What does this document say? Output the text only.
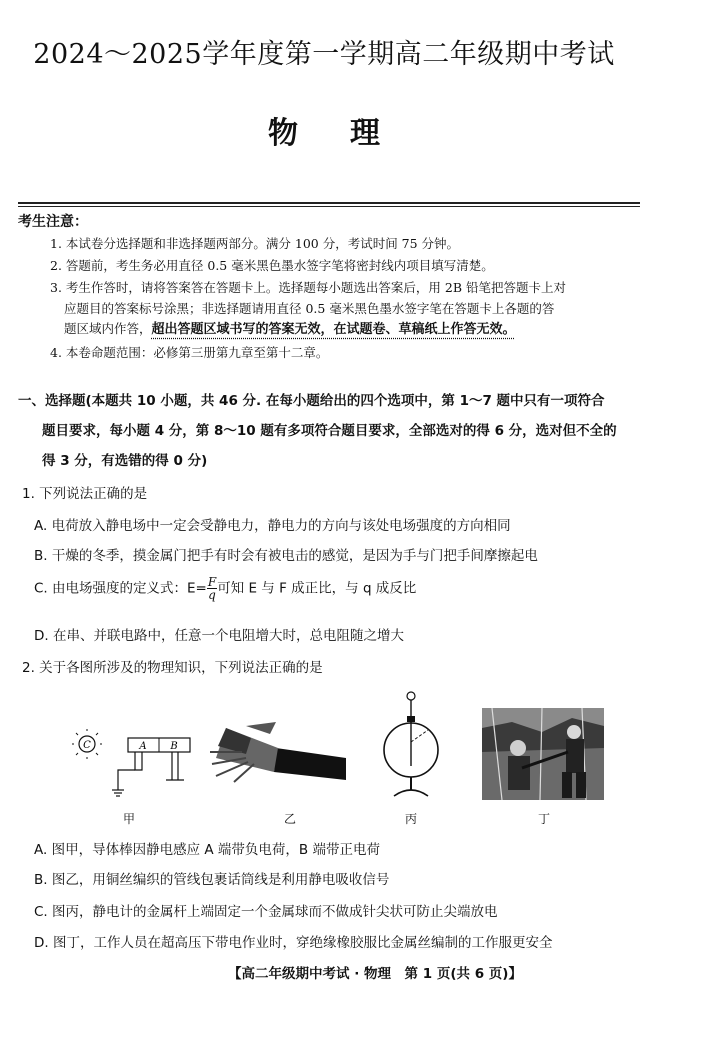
2024～2025学年度第一学期高二年级期中考试
物 理
考生注意：
1. 本试卷分选择题和非选择题两部分。满分 100 分，考试时间 75 分钟。
2. 答题前，考生务必用直径 0.5 毫米黑色墨水签字笔将密封线内项目填写清楚。
3. 考生作答时，请将答案答在答题卡上。选择题每小题选出答案后，用 2B 铅笔把答题卡上对
应题目的答案标号涂黑；非选择题请用直径 0.5 毫米黑色墨水签字笔在答题卡上各题的答
题区域内作答，超出答题区域书写的答案无效，在试题卷、草稿纸上作答无效。
4. 本卷命题范围：必修第三册第九章至第十二章。
一、选择题(本题共 10 小题，共 46 分. 在每小题给出的四个选项中，第 1～7 题中只有一项符合
题目要求，每小题 4 分，第 8～10 题有多项符合题目要求，全部选对的得 6 分，选对但不全的
得 3 分，有选错的得 0 分)
1. 下列说法正确的是
A. 电荷放入静电场中一定会受静电力，静电力的方向与该处电场强度的方向相同
B. 干燥的冬季，摸金属门把手有时会有被电击的感觉，是因为手与门把手间摩擦起电
C. 由电场强度的定义式：$E= \frac{F}{q}$ 可知 E 与 F 成正比，与 q 成反比
D. 在串、并联电路中，任意一个电阻增大时，总电阻随之增大
2. 关于各图所涉及的物理知识，下列说法正确的是
C	A B
甲	乙	丙	丁
A. 图甲，导体棒因静电感应 A 端带负电荷，B 端带正电荷
B. 图乙，用铜丝编织的管线包裹话筒线是利用静电吸收信号
C. 图丙，静电计的金属杆上端固定一个金属球而不做成针尖状可防止尖端放电
D. 图丁，工作人员在超高压下带电作业时，穿绝缘橡胶服比金属丝编制的工作服更安全
【高二年级期中考试 · 物理　第 1 页(共 6 页)】
